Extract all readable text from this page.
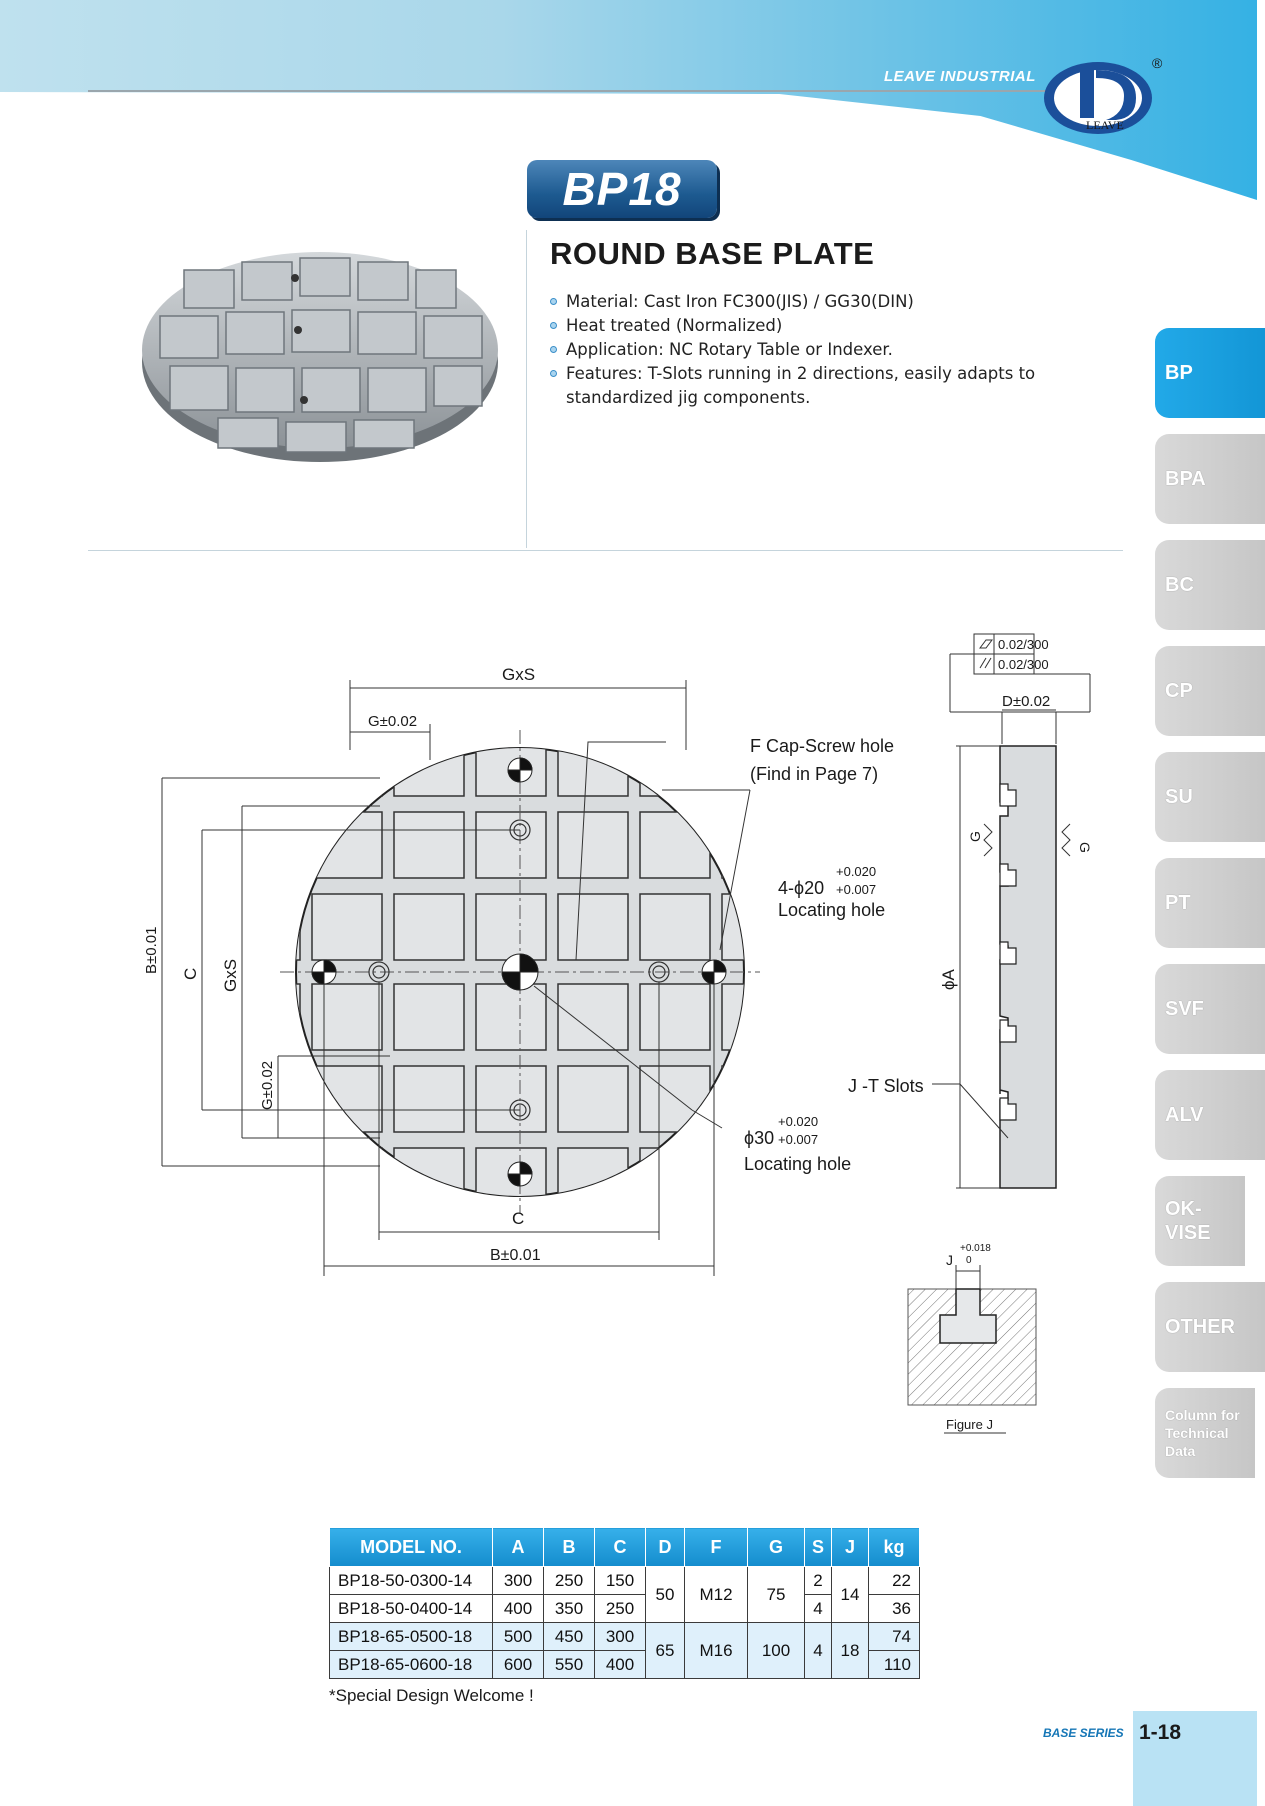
LEAVE INDUSTRIAL
LEAVE
®
BP18
ROUND BASE PLATE
Material: Cast Iron FC300(JIS) / GG30(DIN)
Heat treated (Normalized)
Application: NC Rotary Table or Indexer.
Features: T-Slots running in 2 directions, easily adapts to standardized jig components.
BP
BPA
BC
CP
SU
PT
SVF
ALV
OK-VISE
OTHER
Column for Technical Data
GxS
G±0.02
B±0.01 C GxS
G±0.02
C
B±0.01
F Cap-Screw hole
(Find in Page 7)
+0.020
4-ϕ20 +0.007
Locating hole
+0.020
ϕ30 +0.007
Locating hole
0.02/300
0.02/300
D±0.02
ϕA
G
G
J -T Slots
J
+0.018
0
Figure J
MODEL NO.	A	B	C	D	F	G	S	J	kg
BP18-50-0300-14	300	250	150	50	M12	75	2	14	22
BP18-50-0400-14	400	350	250				4		36
BP18-65-0500-18	500	450	300	65	M16	100	4	18	74
BP18-65-0600-18	600	550	400						110
*Special Design Welcome !
BASE SERIES 1-18
